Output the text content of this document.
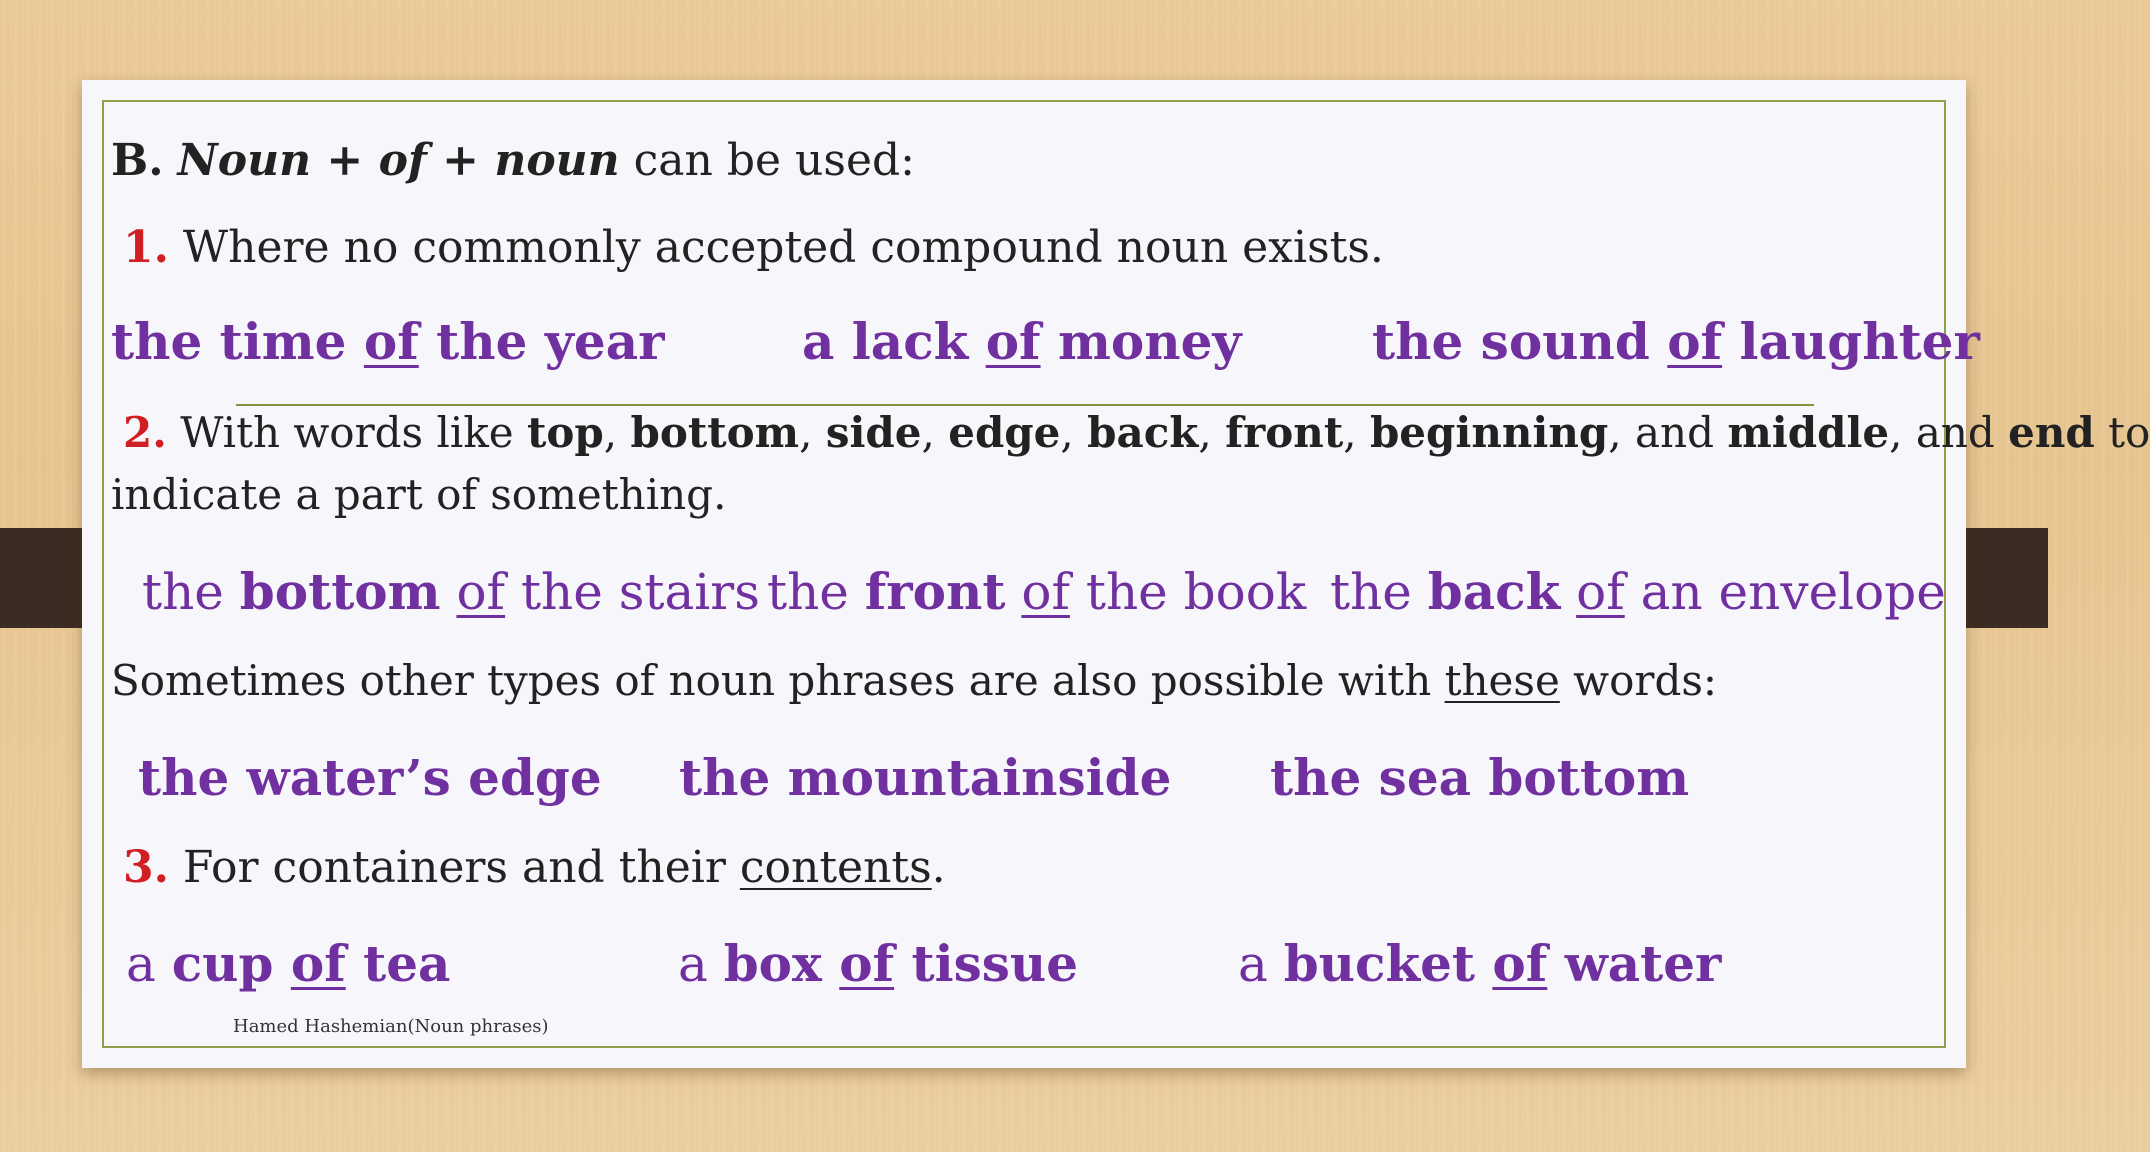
B. Noun + of + noun can be used:
1. Where no commonly accepted compound noun exists.
the time of the year	a lack of money	the sound of laughter
2. With words like top, bottom, side, edge, back, front, beginning, and middle, and end to
indicate a part of something.
the bottom of the stairs the front of the book the back of an envelope
Sometimes other types of noun phrases are also possible with these words:
the water’s edge the mountainside the sea bottom
3. For containers and their contents.
a cup of tea	a box of tissue	a bucket of water
Hamed Hashemian(Noun phrases)
